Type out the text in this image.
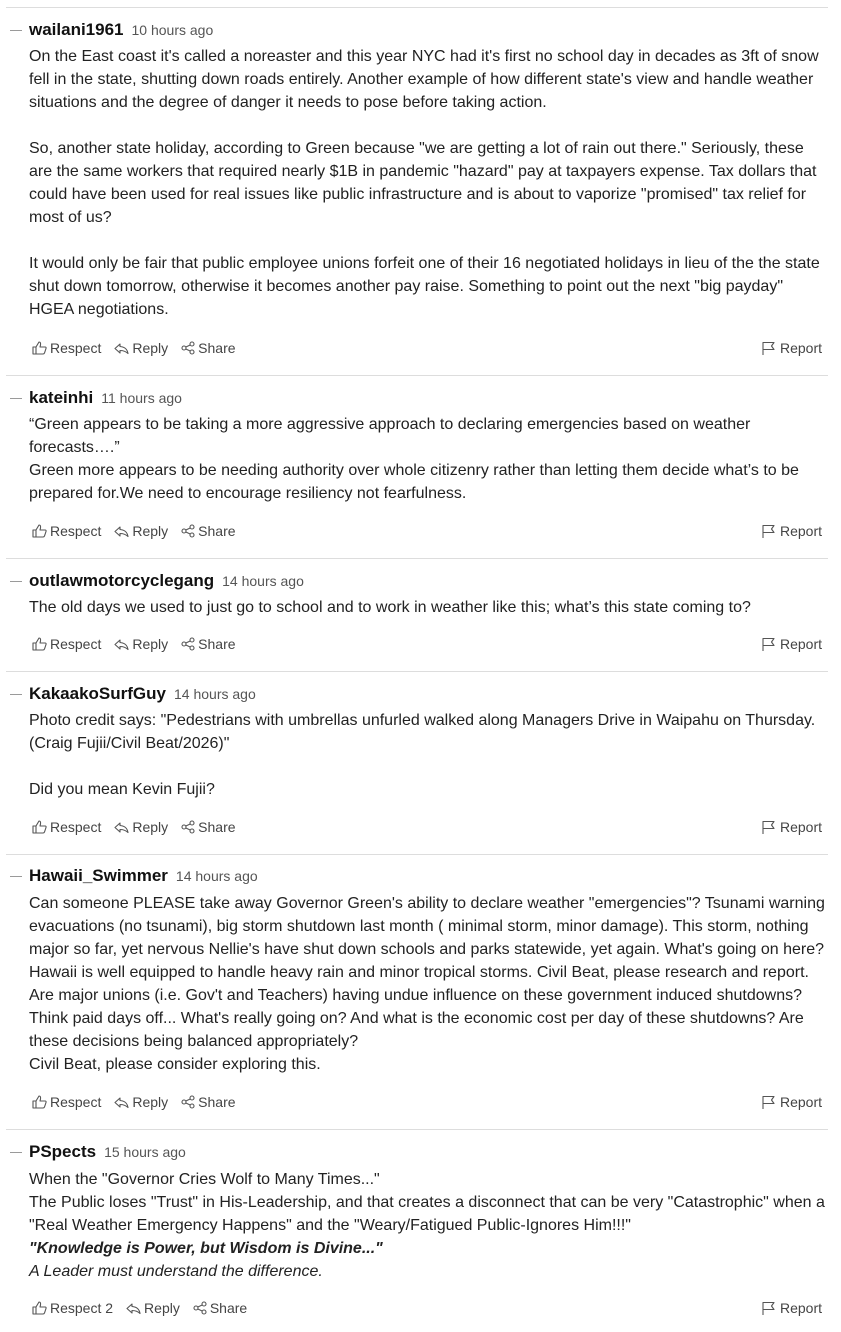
wailani1961 10 hours ago

On the East coast it's called a noreaster and this year NYC had it's first no school day in decades as 3ft of snow fell in the state, shutting down roads entirely. Another example of how different state's view and handle weather situations and the degree of danger it needs to pose before taking action.

So, another state holiday, according to Green because "we are getting a lot of rain out there." Seriously, these are the same workers that required nearly $1B in pandemic "hazard" pay at taxpayers expense. Tax dollars that could have been used for real issues like public infrastructure and is about to vaporize "promised" tax relief for most of us?

It would only be fair that public employee unions forfeit one of their 16 negotiated holidays in lieu of the the state shut down tomorrow, otherwise it becomes another pay raise. Something to point out the next "big payday" HGEA negotiations.

Respect Reply Share	Report
kateinhi 11 hours ago

“Green appears to be taking a more aggressive approach to declaring emergencies based on weather forecasts….”

Green more appears to be needing authority over whole citizenry rather than letting them decide what’s to be prepared for.We need to encourage resiliency not fearfulness.

Respect Reply Share	Report
outlawmotorcyclegang 14 hours ago

The old days we used to just go to school and to work in weather like this; what’s this state coming to?

Respect Reply Share	Report
KakaakoSurfGuy 14 hours ago

Photo credit says: "Pedestrians with umbrellas unfurled walked along Managers Drive in Waipahu on Thursday. (Craig Fujii/Civil Beat/2026)"

Did you mean Kevin Fujii?

Respect Reply Share	Report
Hawaii_Swimmer 14 hours ago

Can someone PLEASE take away Governor Green's ability to declare weather "emergencies"? Tsunami warning evacuations (no tsunami), big storm shutdown last month ( minimal storm, minor damage). This storm, nothing major so far, yet nervous Nellie's have shut down schools and parks statewide, yet again. What's going on here? Hawaii is well equipped to handle heavy rain and minor tropical storms. Civil Beat, please research and report. Are major unions (i.e. Gov't and Teachers) having undue influence on these government induced shutdowns? Think paid days off... What's really going on? And what is the economic cost per day of these shutdowns? Are these decisions being balanced appropriately?

Civil Beat, please consider exploring this.

Respect Reply Share	Report
PSpects 15 hours ago

When the "Governor Cries Wolf to Many Times..."

The Public loses "Trust" in His-Leadership, and that creates a disconnect that can be very "Catastrophic" when a "Real Weather Emergency Happens" and the "Weary/Fatigued Public-Ignores Him!!!"

"Knowledge is Power, but Wisdom is Divine..."

A Leader must understand the difference.

Respect 2 Reply Share	Report
